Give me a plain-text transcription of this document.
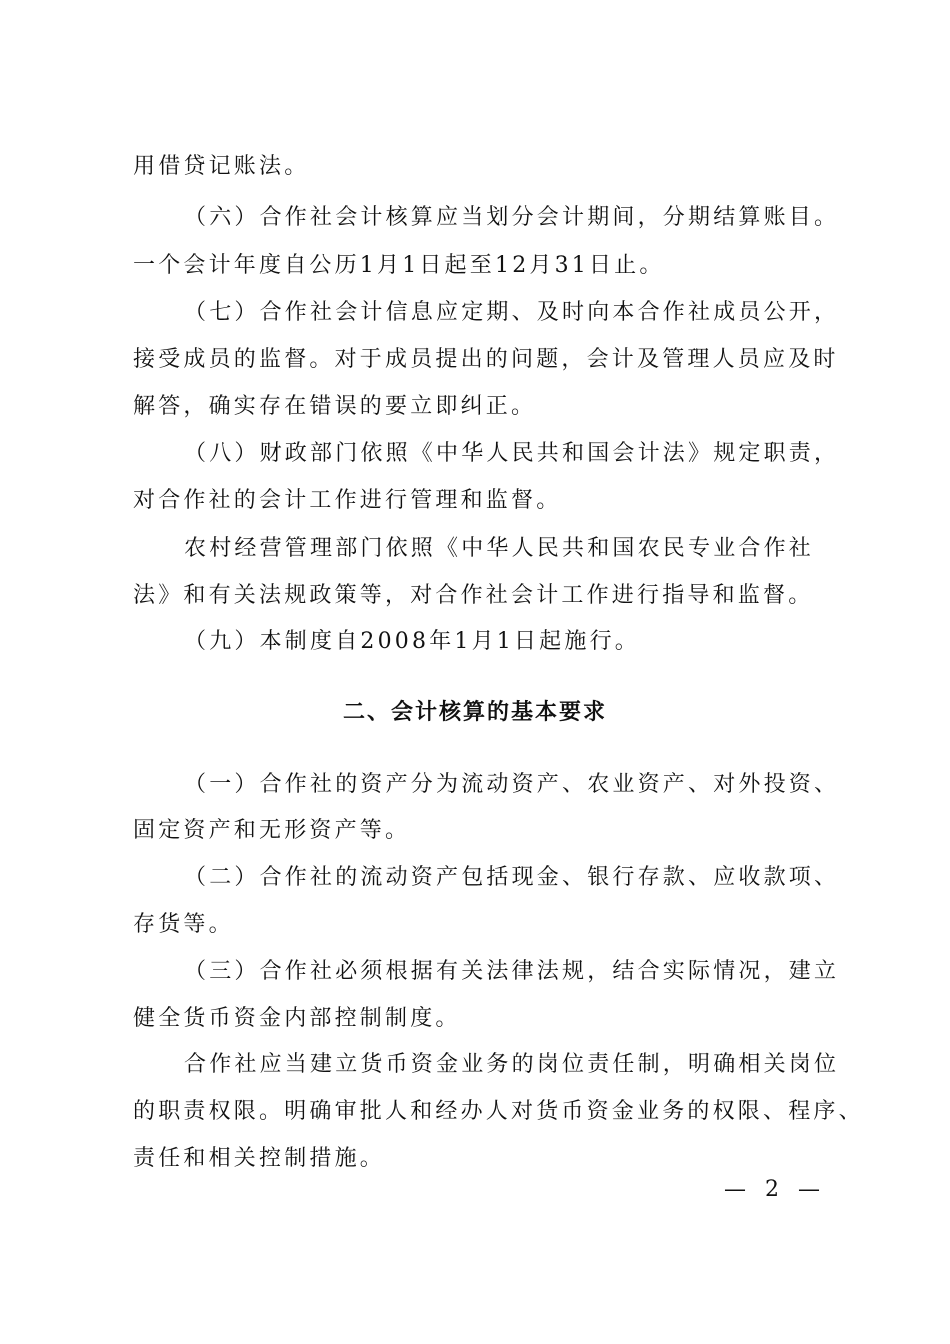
用借贷记账法。
（六）合作社会计核算应当划分会计期间，分期结算账目。
一个会计年度自公历1月1日起至12月31日止。
（七）合作社会计信息应定期、及时向本合作社成员公开，
接受成员的监督。对于成员提出的问题，会计及管理人员应及时
解答，确实存在错误的要立即纠正。
（八）财政部门依照《中华人民共和国会计法》规定职责，
对合作社的会计工作进行管理和监督。
农村经营管理部门依照《中华人民共和国农民专业合作社
法》和有关法规政策等，对合作社会计工作进行指导和监督。
（九）本制度自2008年1月1日起施行。
二、会计核算的基本要求
（一）合作社的资产分为流动资产、农业资产、对外投资、
固定资产和无形资产等。
（二）合作社的流动资产包括现金、银行存款、应收款项、
存货等。
（三）合作社必须根据有关法律法规，结合实际情况，建立
健全货币资金内部控制制度。
合作社应当建立货币资金业务的岗位责任制，明确相关岗位
的职责权限。明确审批人和经办人对货币资金业务的权限、程序、
责任和相关控制措施。
— 2 —
